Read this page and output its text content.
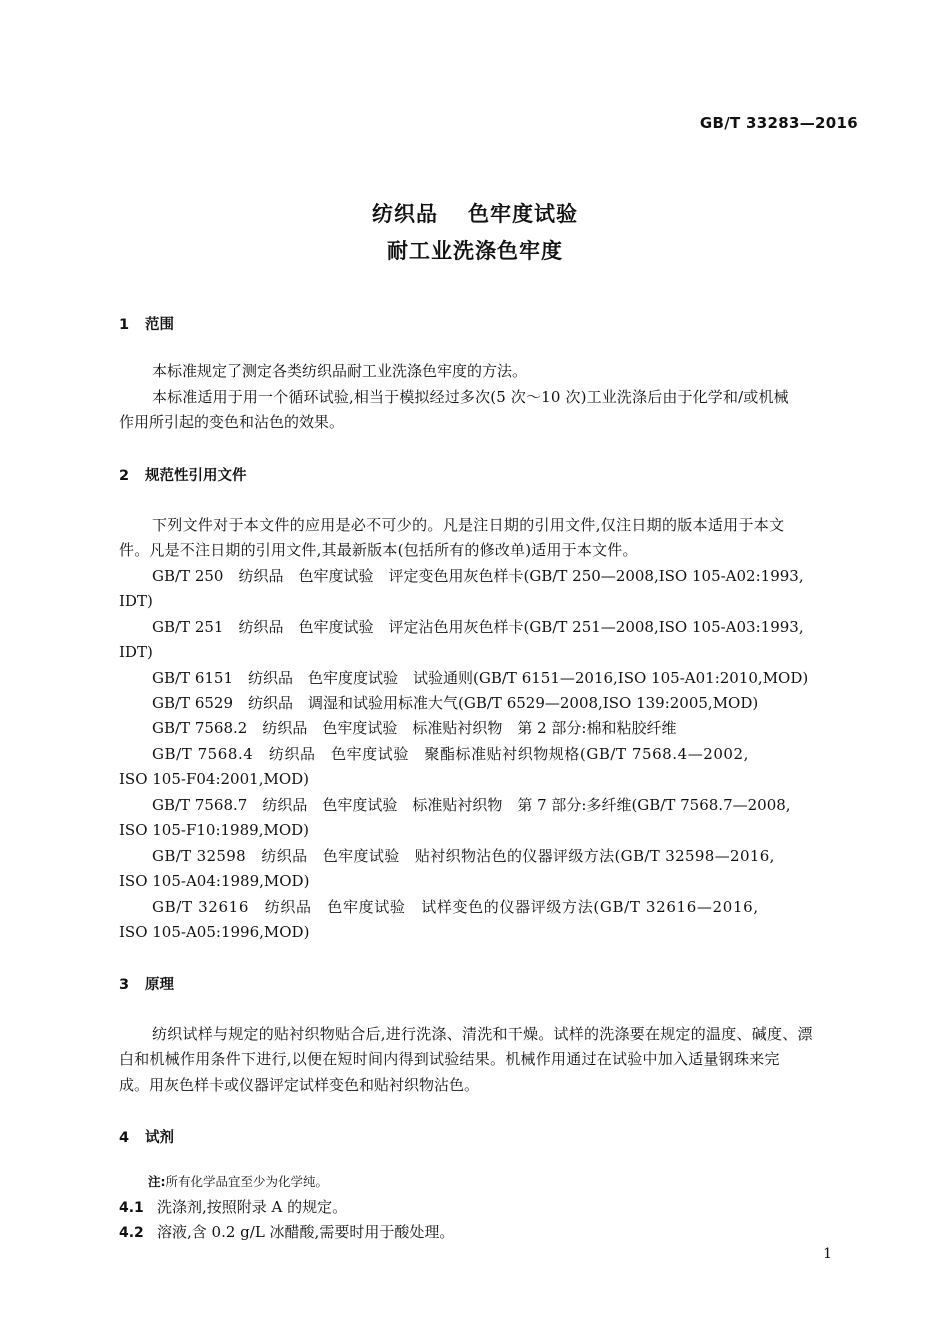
GB/T 33283—2016
纺织品 色牢度试验
耐工业洗涤色牢度
1 范围
本标准规定了测定各类纺织品耐工业洗涤色牢度的方法。
本标准适用于用一个循环试验,相当于模拟经过多次(5 次～10 次)工业洗涤后由于化学和/或机械
作用所引起的变色和沾色的效果。
2 规范性引用文件
下列文件对于本文件的应用是必不可少的。凡是注日期的引用文件,仅注日期的版本适用于本文
件。凡是不注日期的引用文件,其最新版本(包括所有的修改单)适用于本文件。
GB/T 250　纺织品　色牢度试验　评定变色用灰色样卡(GB/T 250—2008,ISO 105-A02:1993,
IDT)
GB/T 251　纺织品　色牢度试验　评定沾色用灰色样卡(GB/T 251—2008,ISO 105-A03:1993,
IDT)
GB/T 6151　纺织品　色牢度度试验　试验通则(GB/T 6151—2016,ISO 105-A01:2010,MOD)
GB/T 6529　纺织品　调湿和试验用标准大气(GB/T 6529—2008,ISO 139:2005,MOD)
GB/T 7568.2　纺织品　色牢度试验　标准贴衬织物　第 2 部分:棉和粘胶纤维
GB/T 7568.4　纺织品　色牢度试验　聚酯标准贴衬织物规格(GB/T 7568.4—2002,
ISO 105-F04:2001,MOD)
GB/T 7568.7　纺织品　色牢度试验　标准贴衬织物　第 7 部分:多纤维(GB/T 7568.7—2008,
ISO 105-F10:1989,MOD)
GB/T 32598　纺织品　色牢度试验　贴衬织物沾色的仪器评级方法(GB/T 32598—2016,
ISO 105-A04:1989,MOD)
GB/T 32616　纺织品　色牢度试验　试样变色的仪器评级方法(GB/T 32616—2016,
ISO 105-A05:1996,MOD)
3 原理
纺织试样与规定的贴衬织物贴合后,进行洗涤、清洗和干燥。试样的洗涤要在规定的温度、碱度、漂
白和机械作用条件下进行,以便在短时间内得到试验结果。机械作用通过在试验中加入适量钢珠来完
成。用灰色样卡或仪器评定试样变色和贴衬织物沾色。
4 试剂
注:所有化学品宜至少为化学纯。
4.1 洗涤剂,按照附录 A 的规定。
4.2 溶液,含 0.2 g/L 冰醋酸,需要时用于酸处理。
1
